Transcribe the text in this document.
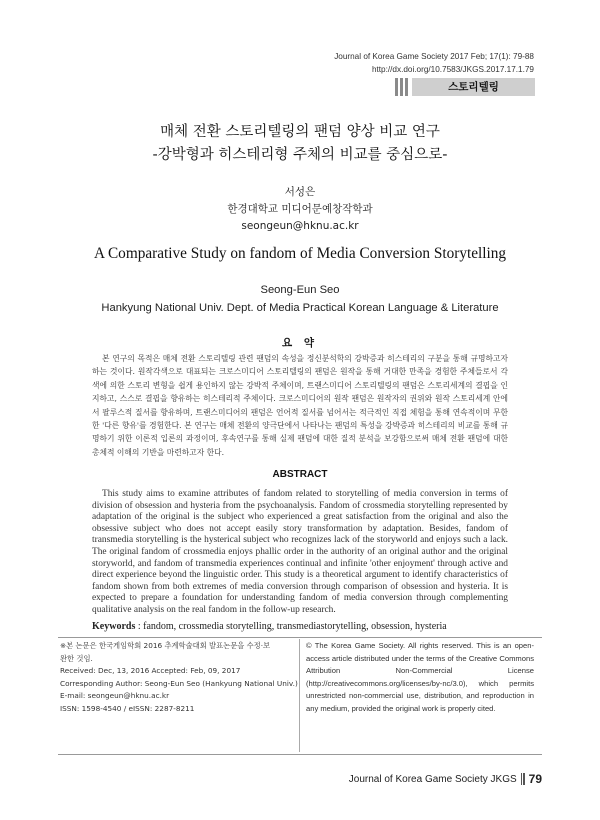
Journal of Korea Game Society 2017 Feb; 17(1): 79-88
http://dx.doi.org/10.7583/JKGS.2017.17.1.79
스토리텔링
매체 전환 스토리텔링의 팬덤 양상 비교 연구
-강박형과 히스테리형 주체의 비교를 중심으로-
서성은
한경대학교 미디어문예창작학과
seongeun@hknu.ac.kr
A Comparative Study on fandom of Media Conversion Storytelling
Seong-Eun Seo
Hankyung National Univ. Dept. of Media Practical Korean Language & Literature
요 약
본 연구의 목적은 매체 전환 스토리텔링 관련 팬덤의 속성을 정신분석학의 강박증과 히스테리의 구분을 통해 규명하고자 하는 것이다. 원작각색으로 대표되는 크로스미디어 스토리텔링의 팬덤은 원작을 통해 거대한 만족을 경험한 주체들로서 각색에 의한 스토리 변형을 쉽게 용인하지 않는 강박적 주체이며, 트랜스미디어 스토리텔링의 팬덤은 스토리세계의 결핍을 인지하고, 스스로 결핍을 향유하는 히스테리적 주체이다. 크로스미디어의 원작 팬덤은 원작자의 권위와 원작 스토리세계 안에서 팔루스적 질서를 향유하며, 트랜스미디어의 팬덤은 언어적 질서를 넘어서는 적극적인 직접 체험을 통해 연속적이며 무한한 '다른 향유'를 경험한다. 본 연구는 매체 전환의 양극단에서 나타나는 팬덤의 특성을 강박증과 히스테리의 비교를 통해 규명하기 위한 이론적 입론의 과정이며, 후속연구를 통해 실제 팬덤에 대한 질적 분석을 보강함으로써 매체 전환 팬덤에 대한 총체적 이해의 기반을 마련하고자 한다.
ABSTRACT
This study aims to examine attributes of fandom related to storytelling of media conversion in terms of division of obsession and hysteria from the psychoanalysis. Fandom of crossmedia storytelling represented by adaptation of the original is the subject who experienced a great satisfaction from the original and also the obsessive subject who does not accept easily story transformation by adaptation. Besides, fandom of transmedia storytelling is the hysterical subject who recognizes lack of the storyworld and enjoys such a lack. The original fandom of crossmedia enjoys phallic order in the authority of an original author and the original storyworld, and fandom of transmedia experiences continual and infinite 'other enjoyment' through active and direct experience beyond the linguistic order. This study is a theoretical argument to identify characteristics of fandom shown from both extremes of media conversion through comparison of obsession and hysteria. It is expected to prepare a foundation for understanding fandom of media conversion through complementing qualitative analysis on the real fandom in the follow-up research.
Keywords : fandom, crossmedia storytelling, transmediastorytelling, obsession, hysteria
※본 논문은 한국게임학회 2016 추계학술대회 발표논문을 수정·보
완한 것임.
Received: Dec, 13, 2016 Accepted: Feb, 09, 2017
Corresponding Author: Seong-Eun Seo (Hankyung National Univ.)
E-mail: seongeun@hknu.ac.kr
ISSN: 1598-4540 / eISSN: 2287-8211
© The Korea Game Society. All rights reserved. This is an open-access article distributed under the terms of the Creative Commons Attribution Non-Commercial License (http://creativecommons.org/licenses/by-nc/3.0), which permits unrestricted non-commercial use, distribution, and reproduction in any medium, provided the original work is properly cited.
Journal of Korea Game Society JKGS 79
